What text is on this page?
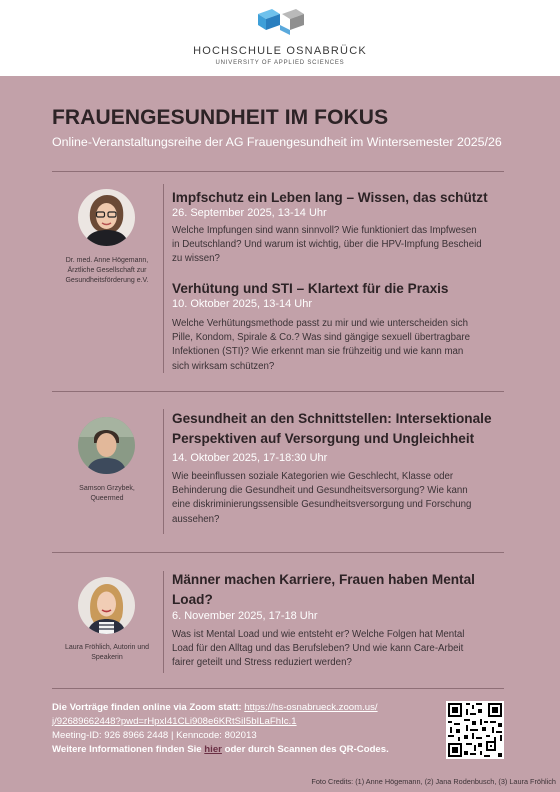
HOCHSCHULE OSNABRÜCK
UNIVERSITY OF APPLIED SCIENCES
FRAUENGESUNDHEIT IM FOKUS
Online-Veranstaltungsreihe der AG Frauengesundheit im Wintersemester 2025/26
Dr. med. Anne Högemann,
Ärztliche Gesellschaft zur
Gesundheitsförderung e.V.
Impfschutz ein Leben lang – Wissen, das schützt
26. September 2025, 13-14 Uhr
Welche Impfungen sind wann sinnvoll? Wie funktioniert das Impfwesen
in Deutschland? Und warum ist wichtig, über die HPV-Impfung Bescheid
zu wissen?
Verhütung und STI – Klartext für die Praxis
10. Oktober 2025, 13-14 Uhr
Welche Verhütungsmethode passt zu mir und wie unterscheiden sich
Pille, Kondom, Spirale & Co.? Was sind gängige sexuell übertragbare
Infektionen (STI)? Wie erkennt man sie frühzeitig und wie kann man
sich wirksam schützen?
Samson Grzybek,
Queermed
Gesundheit an den Schnittstellen: Intersektionale
Perspektiven auf Versorgung und Ungleichheit
14. Oktober 2025, 17-18:30 Uhr
Wie beeinflussen soziale Kategorien wie Geschlecht, Klasse oder
Behinderung die Gesundheit und Gesundheitsversorgung? Wie kann
eine diskriminierungssensible Gesundheitsversorgung und Forschung
aussehen?
Laura Fröhlich, Autorin und
Speakerin
Männer machen Karriere, Frauen haben Mental
Load?
6. November 2025, 17-18 Uhr
Was ist Mental Load und wie entsteht er? Welche Folgen hat Mental
Load für den Alltag und das Berufsleben? Und wie kann Care-Arbeit
fairer geteilt und Stress reduziert werden?
Die Vorträge finden online via Zoom statt: https://hs-osnabrueck.zoom.us/
j/92689662448?pwd=rHpxI41CLi908e6KRtSiI5bILaFhIc.1
Meeting-ID: 926 8966 2448 | Kenncode: 802013
Weitere Informationen finden Sie hier oder durch Scannen des QR-Codes.
Foto Credits: (1) Anne Högemann, (2) Jana Rodenbusch, (3) Laura Fröhlich
